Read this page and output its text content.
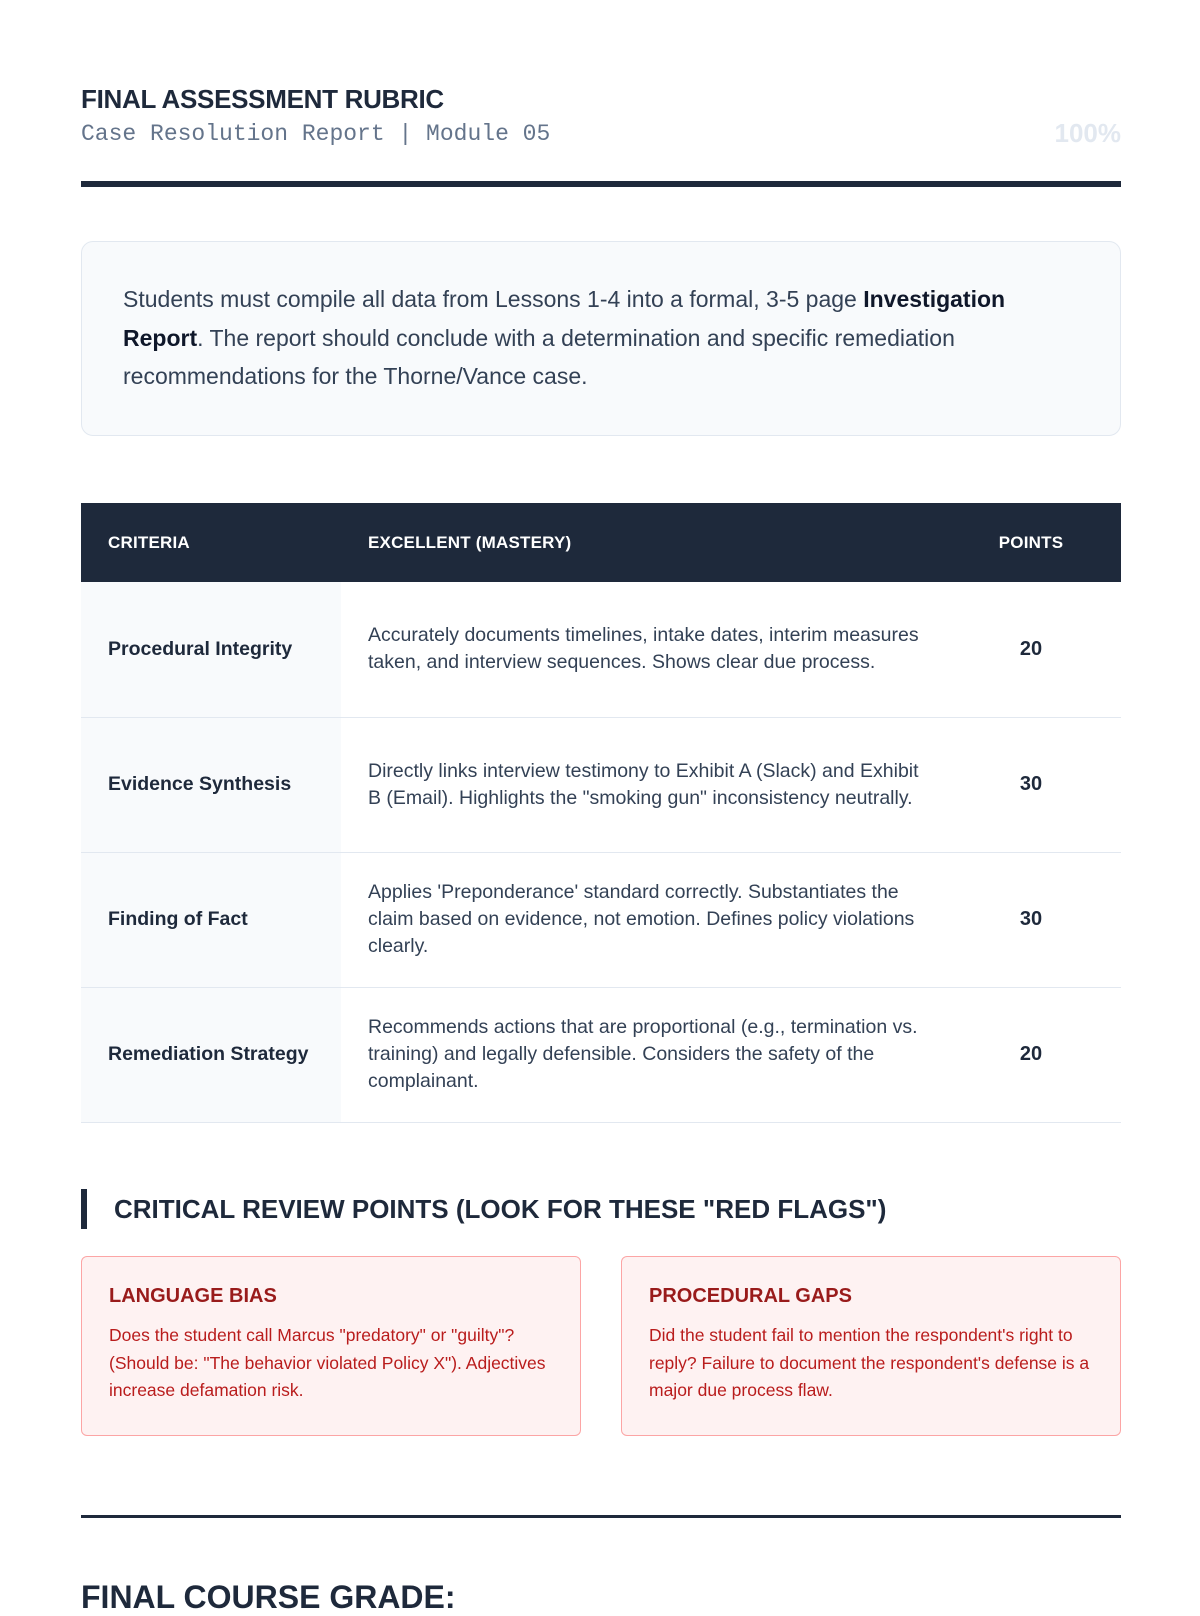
FINAL ASSESSMENT RUBRIC
Case Resolution Report | Module 05	100%

Students must compile all data from Lessons 1-4 into a formal, 3-5 page Investigation Report. The report should conclude with a determination and specific remediation recommendations for the Thorne/Vance case.

CRITERIA	EXCELLENT (MASTERY)	POINTS
Procedural Integrity	Accurately documents timelines, intake dates, interim measures taken, and interview sequences. Shows clear due process.	20
Evidence Synthesis	Directly links interview testimony to Exhibit A (Slack) and Exhibit B (Email). Highlights the "smoking gun" inconsistency neutrally.	30
Finding of Fact	Applies 'Preponderance' standard correctly. Substantiates the claim based on evidence, not emotion. Defines policy violations clearly.	30
Remediation Strategy	Recommends actions that are proportional (e.g., termination vs. training) and legally defensible. Considers the safety of the complainant.	20
CRITICAL REVIEW POINTS (LOOK FOR THESE "RED FLAGS")
LANGUAGE BIAS

Does the student call Marcus "predatory" or "guilty"? (Should be: "The behavior violated Policy X"). Adjectives increase defamation risk.

PROCEDURAL GAPS

Did the student fail to mention the respondent's right to reply? Failure to document the respondent's defense is a major due process flaw.

FINAL COURSE GRADE:
